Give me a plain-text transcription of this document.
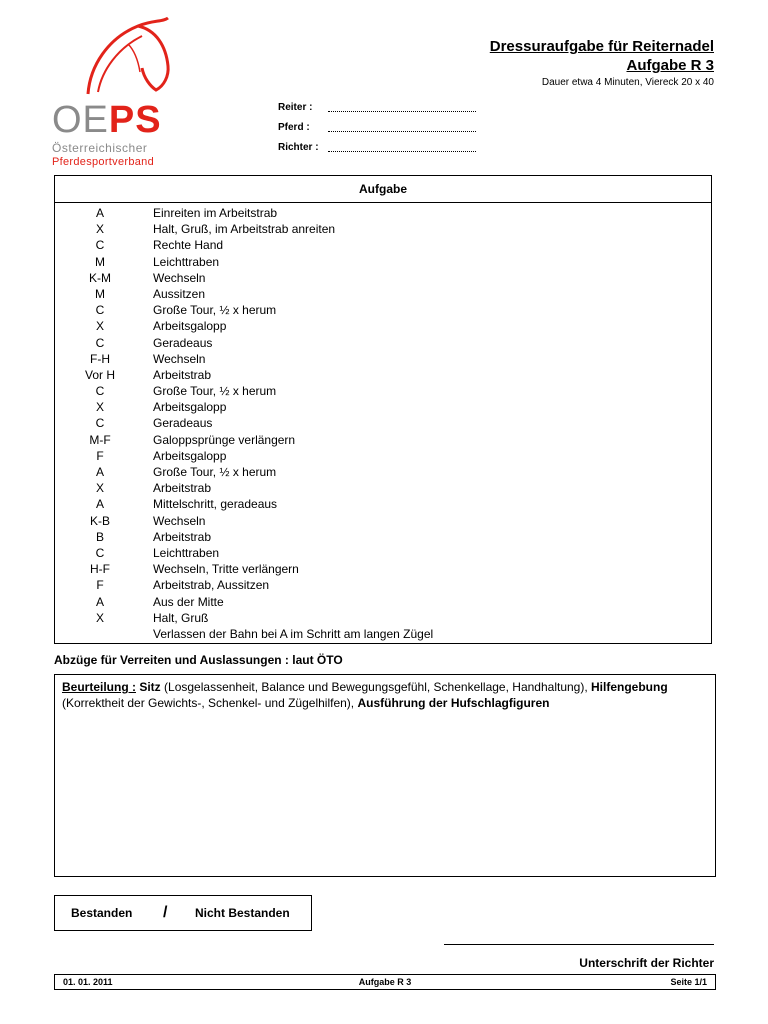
OEPS
Österreichischer
Pferdesportverband
Dressuraufgabe für Reiternadel
Aufgabe R 3
Dauer etwa 4 Minuten, Viereck 20 x 40
Reiter :
Pferd :
Richter :
Aufgabe
A	Einreiten im Arbeitstrab
X	Halt, Gruß, im Arbeitstrab anreiten
C	Rechte Hand
M	Leichttraben
K-M	Wechseln
M	Aussitzen
C	Große Tour, ½ x herum
X	Arbeitsgalopp
C	Geradeaus
F-H	Wechseln
Vor H	Arbeitstrab
C	Große Tour, ½ x herum
X	Arbeitsgalopp
C	Geradeaus
M-F	Galoppsprünge verlängern
F	Arbeitsgalopp
A	Große Tour, ½ x herum
X	Arbeitstrab
A	Mittelschritt, geradeaus
K-B	Wechseln
B	Arbeitstrab
C	Leichttraben
H-F	Wechseln, Tritte verlängern
F	Arbeitstrab, Aussitzen
A	Aus der Mitte
X	Halt, Gruß
Verlassen der Bahn bei A im Schritt am langen Zügel
Abzüge für Verreiten und Auslassungen : laut ÖTO
Beurteilung : Sitz (Losgelassenheit, Balance und Bewegungsgefühl, Schenkellage, Handhaltung), Hilfengebung (Korrektheit der Gewichts-, Schenkel- und Zügelhilfen), Ausführung der Hufschlagfiguren
Bestanden / Nicht Bestanden
Unterschrift der Richter
01. 01. 2011	Aufgabe R 3	Seite 1/1
